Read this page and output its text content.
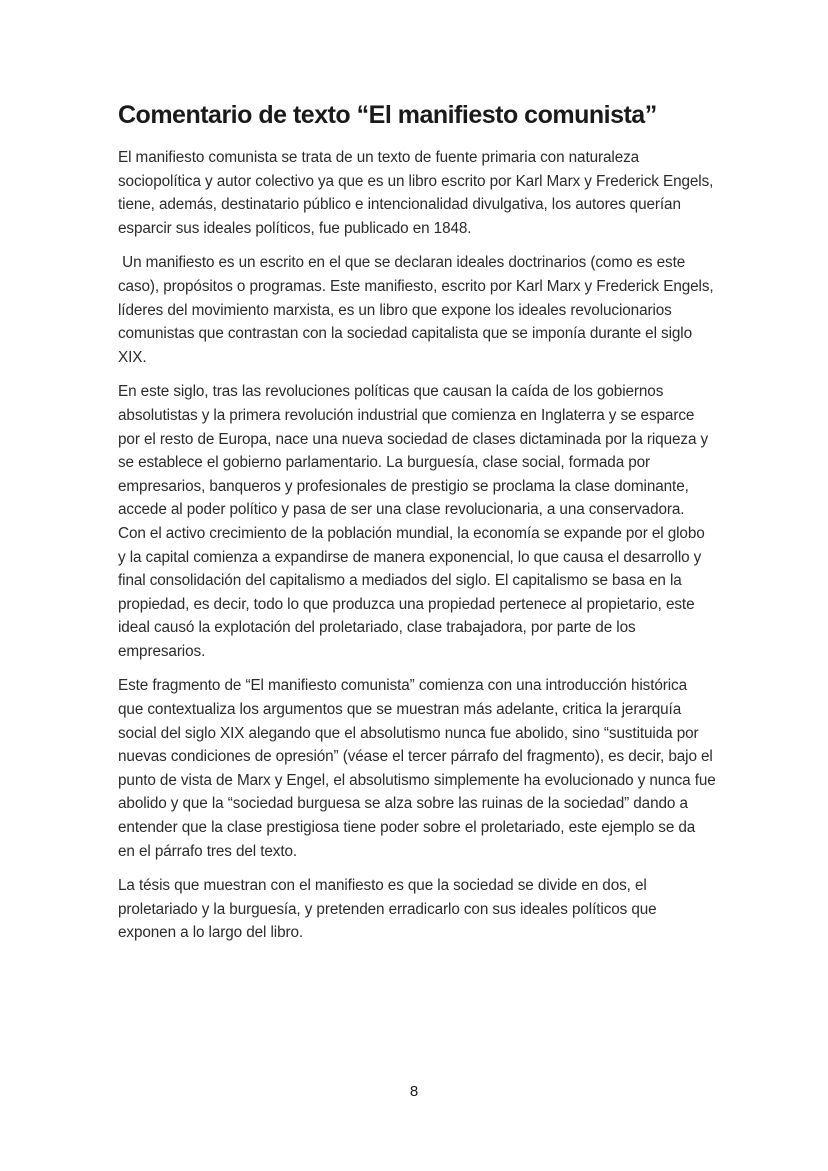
Comentario de texto “El manifiesto comunista”

El manifiesto comunista se trata de un texto de fuente primaria con naturaleza sociopolítica y autor colectivo ya que es un libro escrito por Karl Marx y Frederick Engels, tiene, además, destinatario público e intencionalidad divulgativa, los autores querían esparcir sus ideales políticos, fue publicado en 1848.

Un manifiesto es un escrito en el que se declaran ideales doctrinarios (como es este caso), propósitos o programas. Este manifiesto, escrito por Karl Marx y Frederick Engels, líderes del movimiento marxista, es un libro que expone los ideales revolucionarios comunistas que contrastan con la sociedad capitalista que se imponía durante el siglo XIX.

En este siglo, tras las revoluciones políticas que causan la caída de los gobiernos absolutistas y la primera revolución industrial que comienza en Inglaterra y se esparce por el resto de Europa, nace una nueva sociedad de clases dictaminada por la riqueza y se establece el gobierno parlamentario. La burguesía, clase social, formada por empresarios, banqueros y profesionales de prestigio se proclama la clase dominante, accede al poder político y pasa de ser una clase revolucionaria, a una conservadora. Con el activo crecimiento de la población mundial, la economía se expande por el globo y la capital comienza a expandirse de manera exponencial, lo que causa el desarrollo y final consolidación del capitalismo a mediados del siglo. El capitalismo se basa en la propiedad, es decir, todo lo que produzca una propiedad pertenece al propietario, este ideal causó la explotación del proletariado, clase trabajadora, por parte de los empresarios.

Este fragmento de “El manifiesto comunista” comienza con una introducción histórica que contextualiza los argumentos que se muestran más adelante, critica la jerarquía social del siglo XIX alegando que el absolutismo nunca fue abolido, sino “sustituida por nuevas condiciones de opresión” (véase el tercer párrafo del fragmento), es decir, bajo el punto de vista de Marx y Engel, el absolutismo simplemente ha evolucionado y nunca fue abolido y que la “sociedad burguesa se alza sobre las ruinas de la sociedad” dando a entender que la clase prestigiosa tiene poder sobre el proletariado, este ejemplo se da en el párrafo tres del texto.

La tésis que muestran con el manifiesto es que la sociedad se divide en dos, el proletariado y la burguesía, y pretenden erradicarlo con sus ideales políticos que exponen a lo largo del libro.

8
